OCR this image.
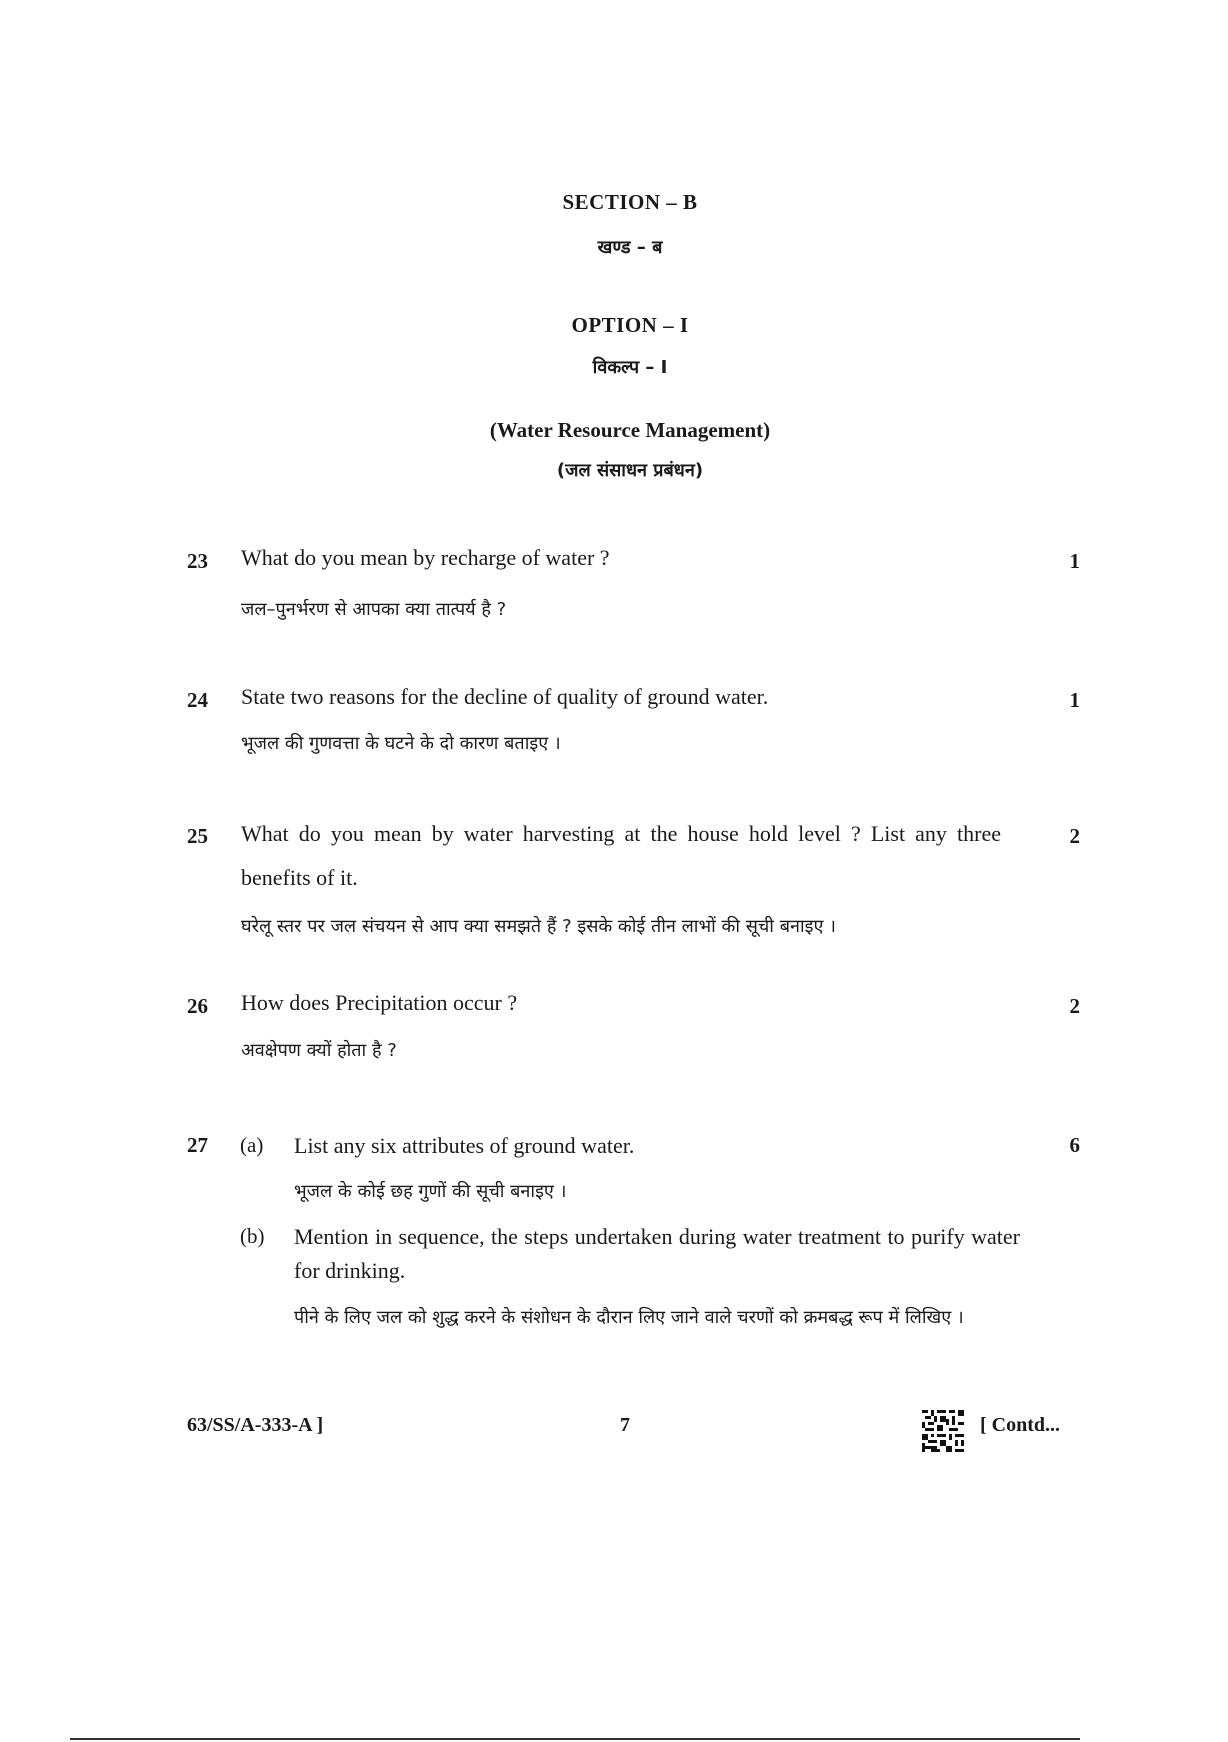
SECTION – B
खण्ड – ब
OPTION – I
विकल्प – I
(Water Resource Management)
(जल संसाधन प्रबंधन)
23 What do you mean by recharge of water ?
जल–पुनर्भरण से आपका क्या तात्पर्य है ?
1
24 State two reasons for the decline of quality of ground water.
भूजल की गुणवत्ता के घटने के दो कारण बताइए ।
1
25 What do you mean by water harvesting at the house hold level ? List any three benefits of it.
घरेलू स्तर पर जल संचयन से आप क्या समझते हैं ? इसके कोई तीन लाभों की सूची बनाइए ।
2
26 How does Precipitation occur ?
अवक्षेपण क्यों होता है ?
2
27	6
(a) List any six attributes of ground water.
भूजल के कोई छह गुणों की सूची बनाइए ।
(b) Mention in sequence, the steps undertaken during water treatment to purify water for drinking.
पीने के लिए जल को शुद्ध करने के संशोधन के दौरान लिए जाने वाले चरणों को क्रमबद्ध रूप में लिखिए ।
63/SS/A-333-A ]	7	[ Contd...
